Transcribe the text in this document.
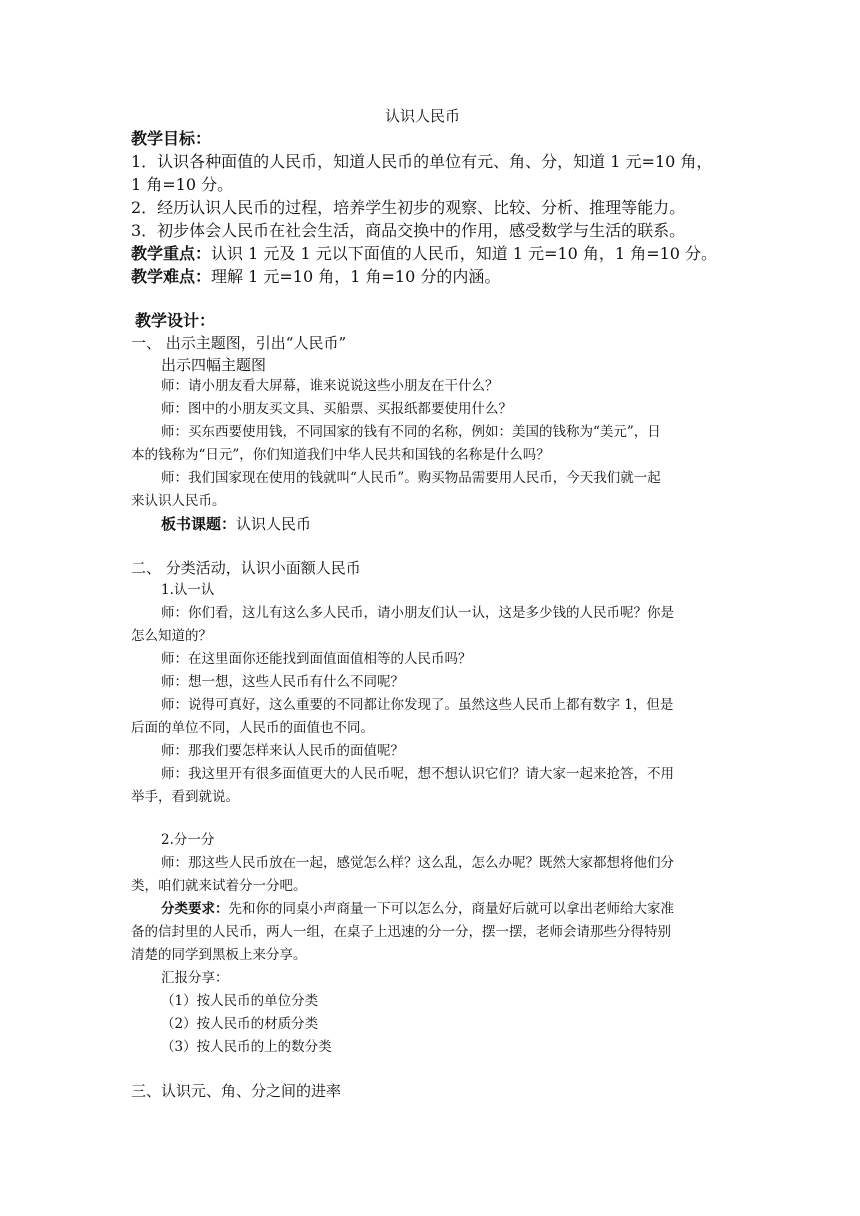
认识人民币
教学目标：
1．认识各种面值的人民币，知道人民币的单位有元、角、分，知道 1 元=10 角，
1 角=10 分。
2．经历认识人民币的过程，培养学生初步的观察、比较、分析、推理等能力。
3．初步体会人民币在社会生活，商品交换中的作用，感受数学与生活的联系。
教学重点：认识 1 元及 1 元以下面值的人民币，知道 1 元=10 角，1 角=10 分。
教学难点：理解 1 元=10 角，1 角=10 分的内涵。
教学设计：
一、 出示主题图，引出“人民币”
出示四幅主题图
师：请小朋友看大屏幕，谁来说说这些小朋友在干什么？
师：图中的小朋友买文具、买船票、买报纸都要使用什么？
师：买东西要使用钱，不同国家的钱有不同的名称，例如：美国的钱称为“美元”，日
本的钱称为“日元”，你们知道我们中华人民共和国钱的名称是什么吗？
师：我们国家现在使用的钱就叫“人民币”。购买物品需要用人民币，今天我们就一起
来认识人民币。
板书课题：认识人民币
二、 分类活动，认识小面额人民币
1.认一认
师：你们看，这儿有这么多人民币，请小朋友们认一认，这是多少钱的人民币呢？你是
怎么知道的？
师：在这里面你还能找到面值面值相等的人民币吗？
师：想一想，这些人民币有什么不同呢？
师：说得可真好，这么重要的不同都让你发现了。虽然这些人民币上都有数字 1，但是
后面的单位不同，人民币的面值也不同。
师：那我们要怎样来认人民币的面值呢？
师：我这里开有很多面值更大的人民币呢，想不想认识它们？请大家一起来抢答，不用
举手，看到就说。
2.分一分
师：那这些人民币放在一起，感觉怎么样？这么乱，怎么办呢？既然大家都想将他们分
类，咱们就来试着分一分吧。
分类要求：先和你的同桌小声商量一下可以怎么分，商量好后就可以拿出老师给大家准
备的信封里的人民币，两人一组，在桌子上迅速的分一分，摆一摆，老师会请那些分得特别
清楚的同学到黑板上来分享。
汇报分享：
（1）按人民币的单位分类
（2）按人民币的材质分类
（3）按人民币的上的数分类
三、认识元、角、分之间的进率
